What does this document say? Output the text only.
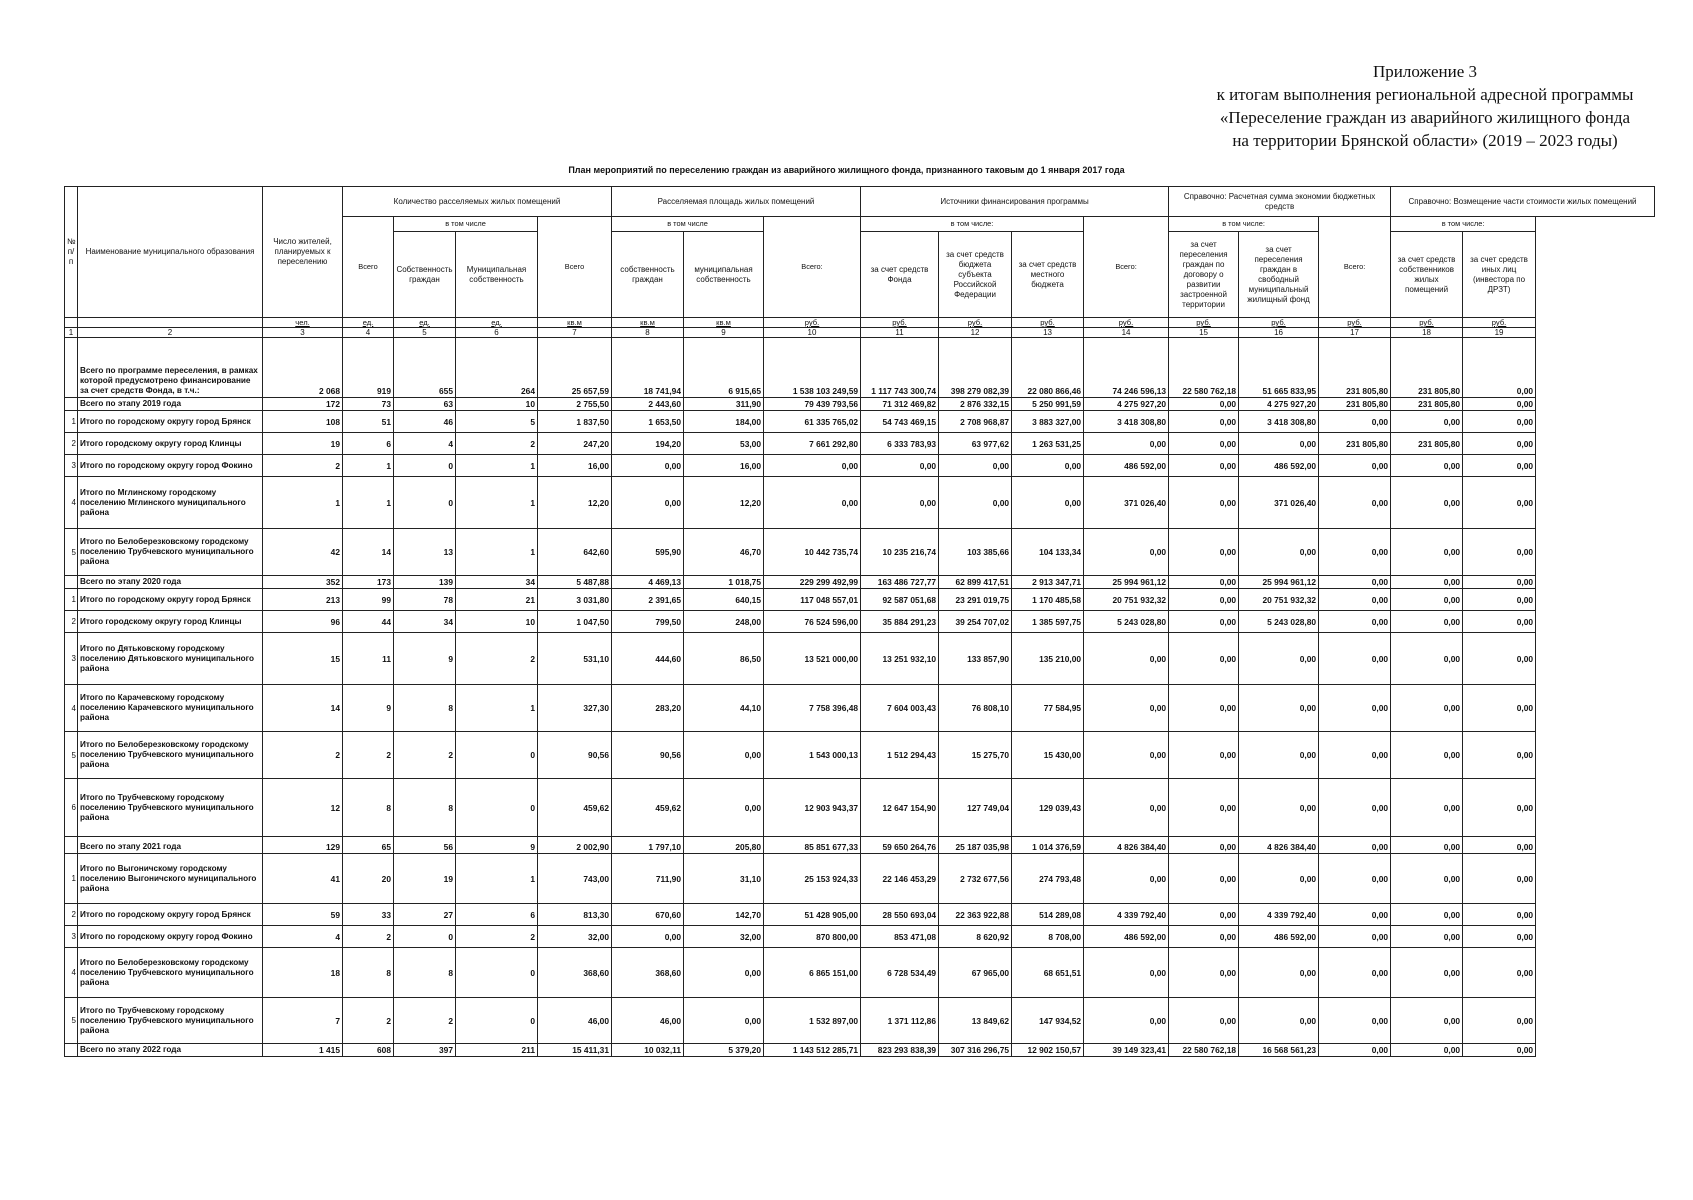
Приложение 3
к итогам выполнения региональной адресной программы
«Переселение граждан из аварийного жилищного фонда
на территории Брянской области» (2019 – 2023 годы)
План мероприятий по переселению граждан из аварийного жилищного фонда, признанного таковым до 1 января 2017 года
№ п/ п	Наименование муниципального образования	Число жителей, планируемых к переселению	Количество расселяемых жилых помещений				Расселяемая площадь жилых помещений			Источники финансирования программы				Справочно: Расчетная сумма экономии бюджетных средств			Справочно: Возмещение части стоимости жилых помещений	
			Всего	в том числе		Всего	в том числе		Всего:	в том числе:			Всего:	в том числе:		Всего:	в том числе:	
				Собственность граждан	Муниципальная собственность		собственность граждан	муниципальная собственность		за счет средств Фонда	за счет средств бюджета субъекта Российской Федерации	за счет средств местного бюджета		за счет переселения граждан по договору о развитии застроенной территории	за счет переселения граждан в свободный муниципальный жилищный фонд		за счет средств собственников жилых помещений	за счет средств иных лиц (инвестора по ДРЗТ)
		чел.	ед.	ед.	ед.	кв.м	кв.м	кв.м	руб.	руб.	руб.	руб.	руб.	руб.	руб.	руб.	руб.	руб.
1	2	3	4	5	6	7	8	9	10	11	12	13	14	15	16	17	18	19
	Всего по программе переселения, в рамках которой предусмотрено финансирование за счет средств Фонда, в т.ч.:	2 068	919	655	264	25 657,59	18 741,94	6 915,65	1 538 103 249,59	1 117 743 300,74	398 279 082,39	22 080 866,46	74 246 596,13	22 580 762,18	51 665 833,95	231 805,80	231 805,80	0,00
	Всего по этапу 2019 года	172	73	63	10	2 755,50	2 443,60	311,90	79 439 793,56	71 312 469,82	2 876 332,15	5 250 991,59	4 275 927,20	0,00	4 275 927,20	231 805,80	231 805,80	0,00
1	Итого по городскому округу город Брянск	108	51	46	5	1 837,50	1 653,50	184,00	61 335 765,02	54 743 469,15	2 708 968,87	3 883 327,00	3 418 308,80	0,00	3 418 308,80	0,00	0,00	0,00
2	Итого городскому округу город Клинцы	19	6	4	2	247,20	194,20	53,00	7 661 292,80	6 333 783,93	63 977,62	1 263 531,25	0,00	0,00	0,00	231 805,80	231 805,80	0,00
3	Итого по городскому округу город Фокино	2	1	0	1	16,00	0,00	16,00	0,00	0,00	0,00	0,00	486 592,00	0,00	486 592,00	0,00	0,00	0,00
4	Итого по Мглинскому городскому поселению Мглинского муниципального района	1	1	0	1	12,20	0,00	12,20	0,00	0,00	0,00	0,00	371 026,40	0,00	371 026,40	0,00	0,00	0,00
5	Итого по Белоберезковскому городскому поселению Трубчевского муниципального района	42	14	13	1	642,60	595,90	46,70	10 442 735,74	10 235 216,74	103 385,66	104 133,34	0,00	0,00	0,00	0,00	0,00	0,00
	Всего по этапу 2020 года	352	173	139	34	5 487,88	4 469,13	1 018,75	229 299 492,99	163 486 727,77	62 899 417,51	2 913 347,71	25 994 961,12	0,00	25 994 961,12	0,00	0,00	0,00
1	Итого по городскому округу город Брянск	213	99	78	21	3 031,80	2 391,65	640,15	117 048 557,01	92 587 051,68	23 291 019,75	1 170 485,58	20 751 932,32	0,00	20 751 932,32	0,00	0,00	0,00
2	Итого городскому округу город Клинцы	96	44	34	10	1 047,50	799,50	248,00	76 524 596,00	35 884 291,23	39 254 707,02	1 385 597,75	5 243 028,80	0,00	5 243 028,80	0,00	0,00	0,00
3	Итого по Дятьковскому городскому поселению Дятьковского муниципального района	15	11	9	2	531,10	444,60	86,50	13 521 000,00	13 251 932,10	133 857,90	135 210,00	0,00	0,00	0,00	0,00	0,00	0,00
4	Итого по Карачевскому городскому поселению Карачевского муниципального района	14	9	8	1	327,30	283,20	44,10	7 758 396,48	7 604 003,43	76 808,10	77 584,95	0,00	0,00	0,00	0,00	0,00	0,00
5	Итого по Белоберезковскому городскому поселению Трубчевского муниципального района	2	2	2	0	90,56	90,56	0,00	1 543 000,13	1 512 294,43	15 275,70	15 430,00	0,00	0,00	0,00	0,00	0,00	0,00
6	Итого по Трубчевскому городскому поселению Трубчевского муниципального района	12	8	8	0	459,62	459,62	0,00	12 903 943,37	12 647 154,90	127 749,04	129 039,43	0,00	0,00	0,00	0,00	0,00	0,00
	Всего по этапу 2021 года	129	65	56	9	2 002,90	1 797,10	205,80	85 851 677,33	59 650 264,76	25 187 035,98	1 014 376,59	4 826 384,40	0,00	4 826 384,40	0,00	0,00	0,00
1	Итого по Выгоничскому городскому поселению Выгоничского муниципального района	41	20	19	1	743,00	711,90	31,10	25 153 924,33	22 146 453,29	2 732 677,56	274 793,48	0,00	0,00	0,00	0,00	0,00	0,00
2	Итого по городскому округу город Брянск	59	33	27	6	813,30	670,60	142,70	51 428 905,00	28 550 693,04	22 363 922,88	514 289,08	4 339 792,40	0,00	4 339 792,40	0,00	0,00	0,00
3	Итого по городскому округу город Фокино	4	2	0	2	32,00	0,00	32,00	870 800,00	853 471,08	8 620,92	8 708,00	486 592,00	0,00	486 592,00	0,00	0,00	0,00
4	Итого по Белоберезковскому городскому поселению Трубчевского муниципального района	18	8	8	0	368,60	368,60	0,00	6 865 151,00	6 728 534,49	67 965,00	68 651,51	0,00	0,00	0,00	0,00	0,00	0,00
5	Итого по Трубчевскому городскому поселению Трубчевского муниципального района	7	2	2	0	46,00	46,00	0,00	1 532 897,00	1 371 112,86	13 849,62	147 934,52	0,00	0,00	0,00	0,00	0,00	0,00
	Всего по этапу 2022 года	1 415	608	397	211	15 411,31	10 032,11	5 379,20	1 143 512 285,71	823 293 838,39	307 316 296,75	12 902 150,57	39 149 323,41	22 580 762,18	16 568 561,23	0,00	0,00	0,00
